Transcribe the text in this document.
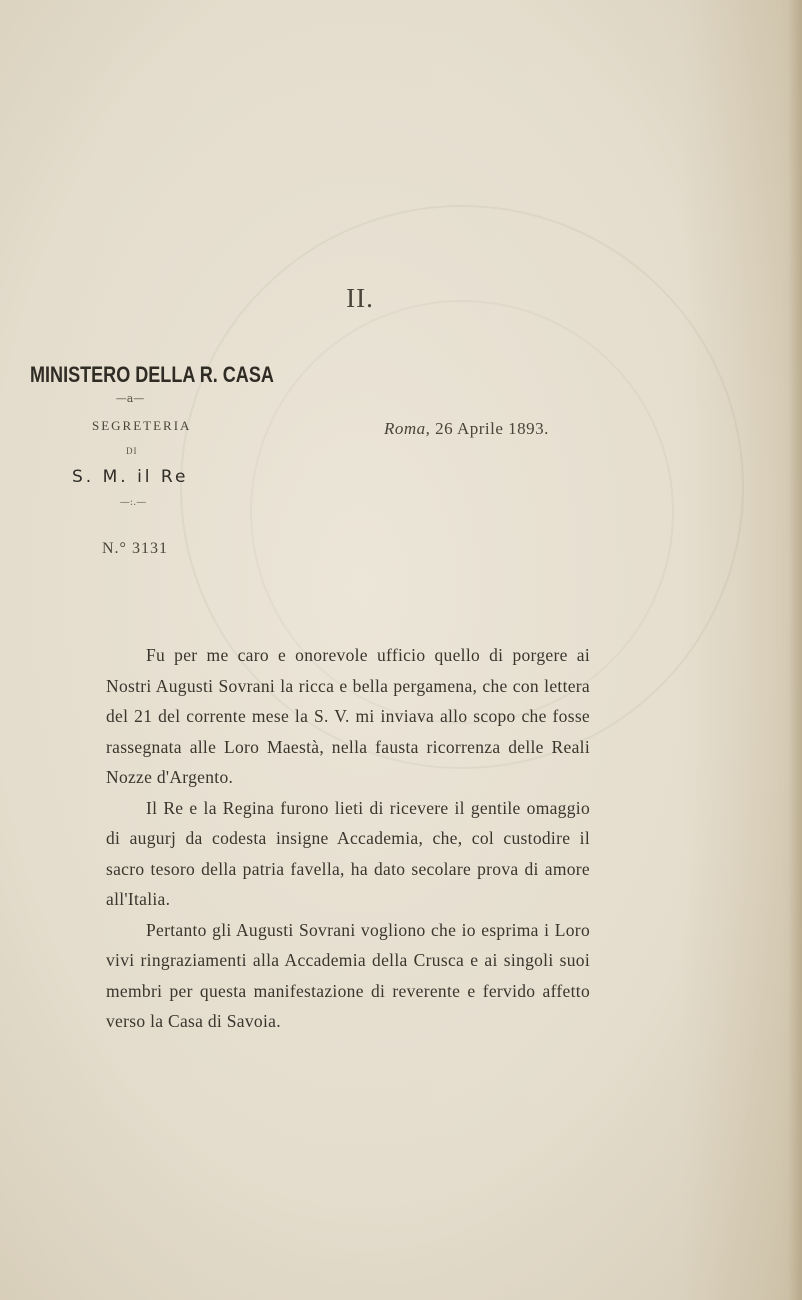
II.
MINISTERO DELLA R. CASA
—a—
SEGRETERIA
DI
S. M. il Re
—:.—
N.° 3131
Roma, 26 Aprile 1893.

Fu per me caro e onorevole ufficio quello di porgere ai Nostri Augusti Sovrani la ricca e bella pergamena, che con lettera del 21 del corrente mese la S. V. mi inviava allo scopo che fosse rassegnata alle Loro Maestà, nella fausta ricorrenza delle Reali Nozze d'Argento.

Il Re e la Regina furono lieti di ricevere il gentile omaggio di augurj da codesta insigne Accademia, che, col custodire il sacro tesoro della patria favella, ha dato secolare prova di amore all'Italia.

Pertanto gli Augusti Sovrani vogliono che io esprima i Loro vivi ringraziamenti alla Accademia della Crusca e ai singoli suoi membri per questa manifestazione di reverente e fervido affetto verso la Casa di Savoia.
